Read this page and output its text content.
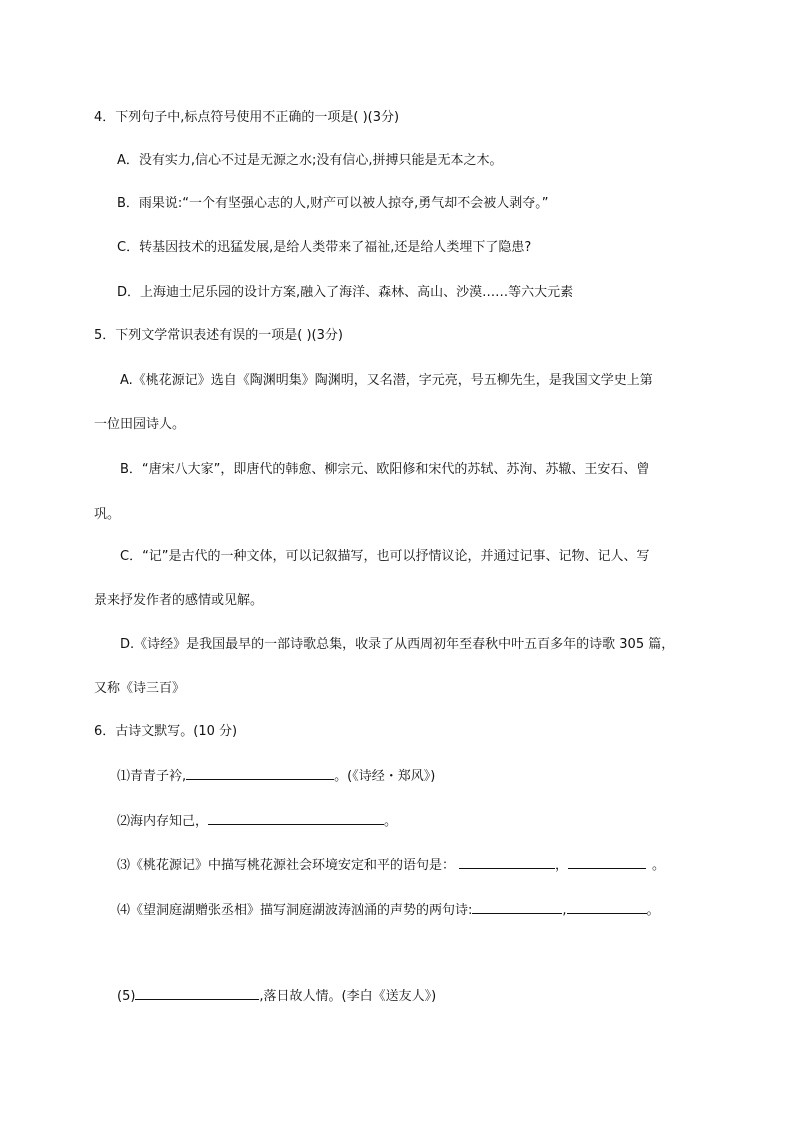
4．下列句子中,标点符号使用不正确的一项是( )(3分)
A．没有实力,信心不过是无源之水;没有信心,拼搏只能是无本之木。
B．雨果说:“一个有坚强心志的人,财产可以被人掠夺,勇气却不会被人剥夺。”
C．转基因技术的迅猛发展,是给人类带来了福祉,还是给人类埋下了隐患?
D．上海迪士尼乐园的设计方案,融入了海洋、森林、高山、沙漠……等六大元素
5．下列文学常识表述有误的一项是( )(3分)
A.《桃花源记》选自《陶渊明集》陶渊明，又名潜，字元亮，号五柳先生，是我国文学史上第
一位田园诗人。
B．“唐宋八大家”，即唐代的韩愈、柳宗元、欧阳修和宋代的苏轼、苏洵、苏辙、王安石、曾
巩。
C．“记”是古代的一种文体，可以记叙描写，也可以抒情议论，并通过记事、记物、记人、写
景来抒发作者的感情或见解。
D.《诗经》是我国最早的一部诗歌总集，收录了从西周初年至春秋中叶五百多年的诗歌 305 篇，
又称《诗三百》
6．古诗文默写。(10 分)
⑴青青子衿,	。(《诗经・郑风》)
⑵海内存知己，	。
⑶《桃花源记》中描写桃花源社会环境安定和平的语句是：	，	。
⑷《望洞庭湖赠张丞相》描写洞庭湖波涛汹涌的声势的两句诗:	,	。
(5)	,落日故人情。(李白《送友人》)
